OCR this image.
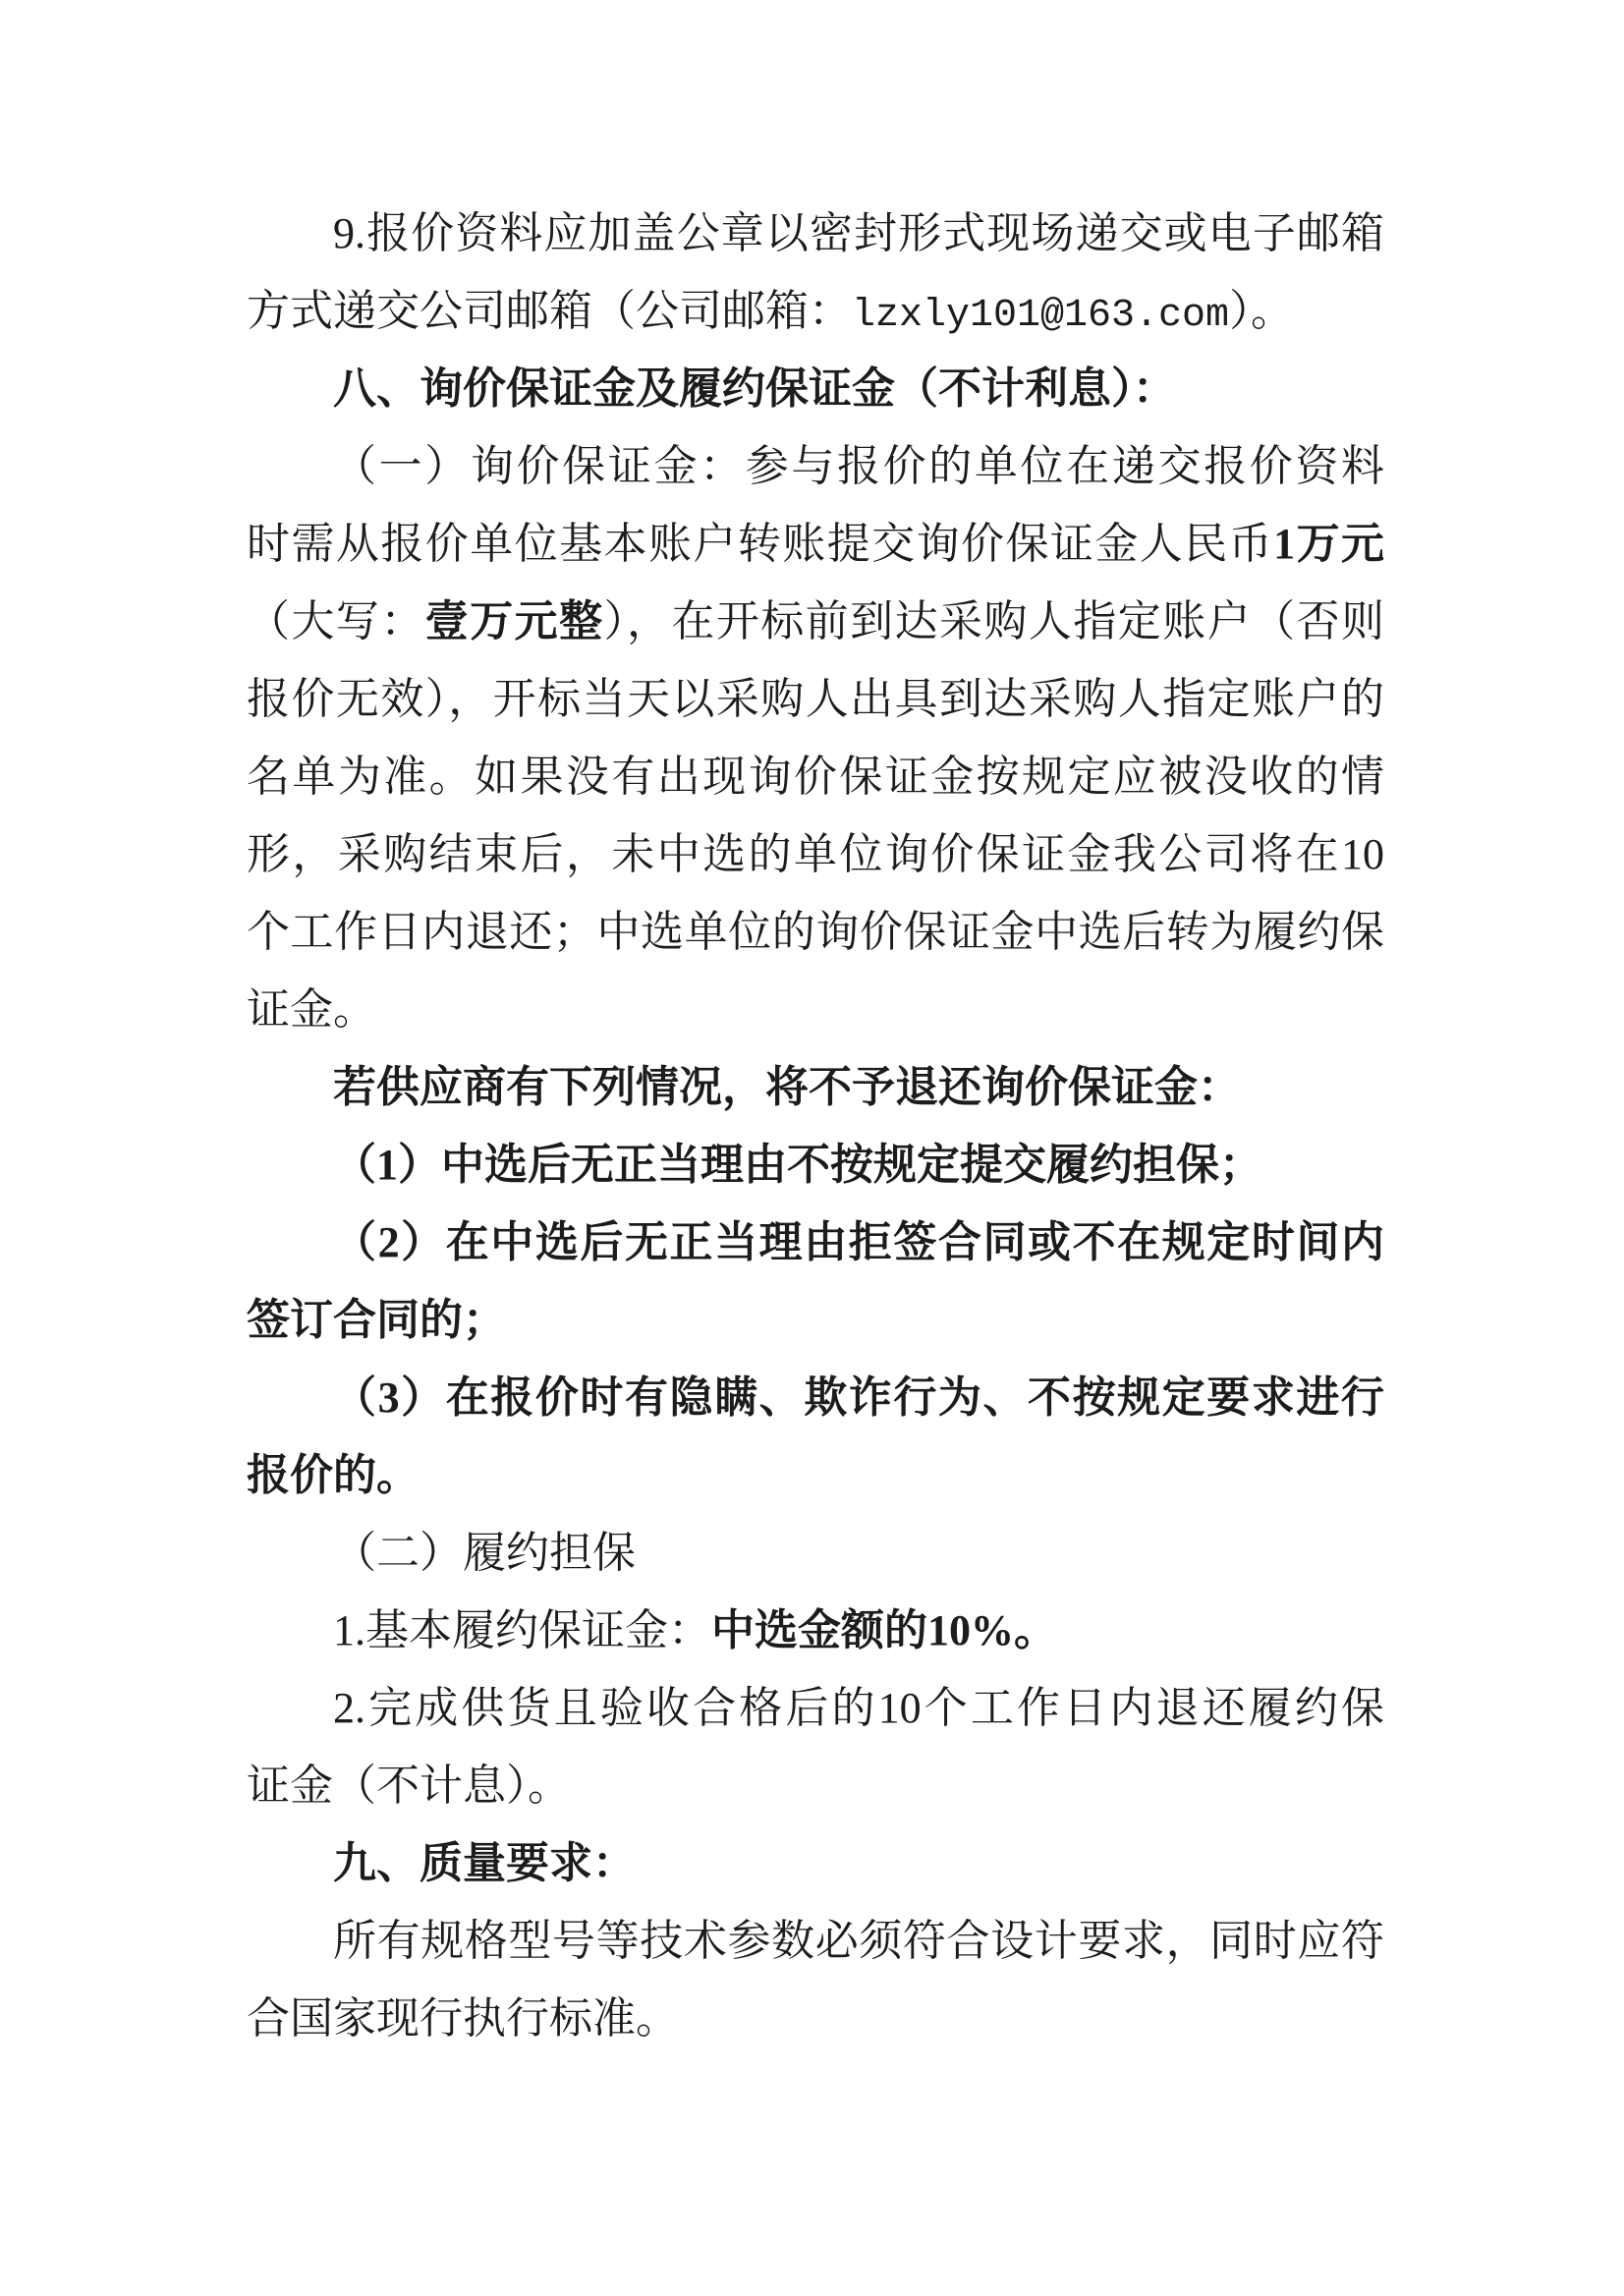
9.报价资料应加盖公章以密封形式现场递交或电子邮箱
方式递交公司邮箱（公司邮箱：lzxly101@163.com）。
八、询价保证金及履约保证金（不计利息）：
（一）询价保证金：参与报价的单位在递交报价资料
时需从报价单位基本账户转账提交询价保证金人民币1万元
（大写：壹万元整），在开标前到达采购人指定账户（否则
报价无效），开标当天以采购人出具到达采购人指定账户的
名单为准。如果没有出现询价保证金按规定应被没收的情
形，采购结束后，未中选的单位询价保证金我公司将在10
个工作日内退还；中选单位的询价保证金中选后转为履约保
证金。
若供应商有下列情况，将不予退还询价保证金：
（1）中选后无正当理由不按规定提交履约担保；
（2）在中选后无正当理由拒签合同或不在规定时间内
签订合同的；
（3）在报价时有隐瞒、欺诈行为、不按规定要求进行
报价的。
（二）履约担保
1.基本履约保证金：中选金额的10%。
2.完成供货且验收合格后的10个工作日内退还履约保
证金（不计息）。
九、质量要求：
所有规格型号等技术参数必须符合设计要求，同时应符
合国家现行执行标准。
